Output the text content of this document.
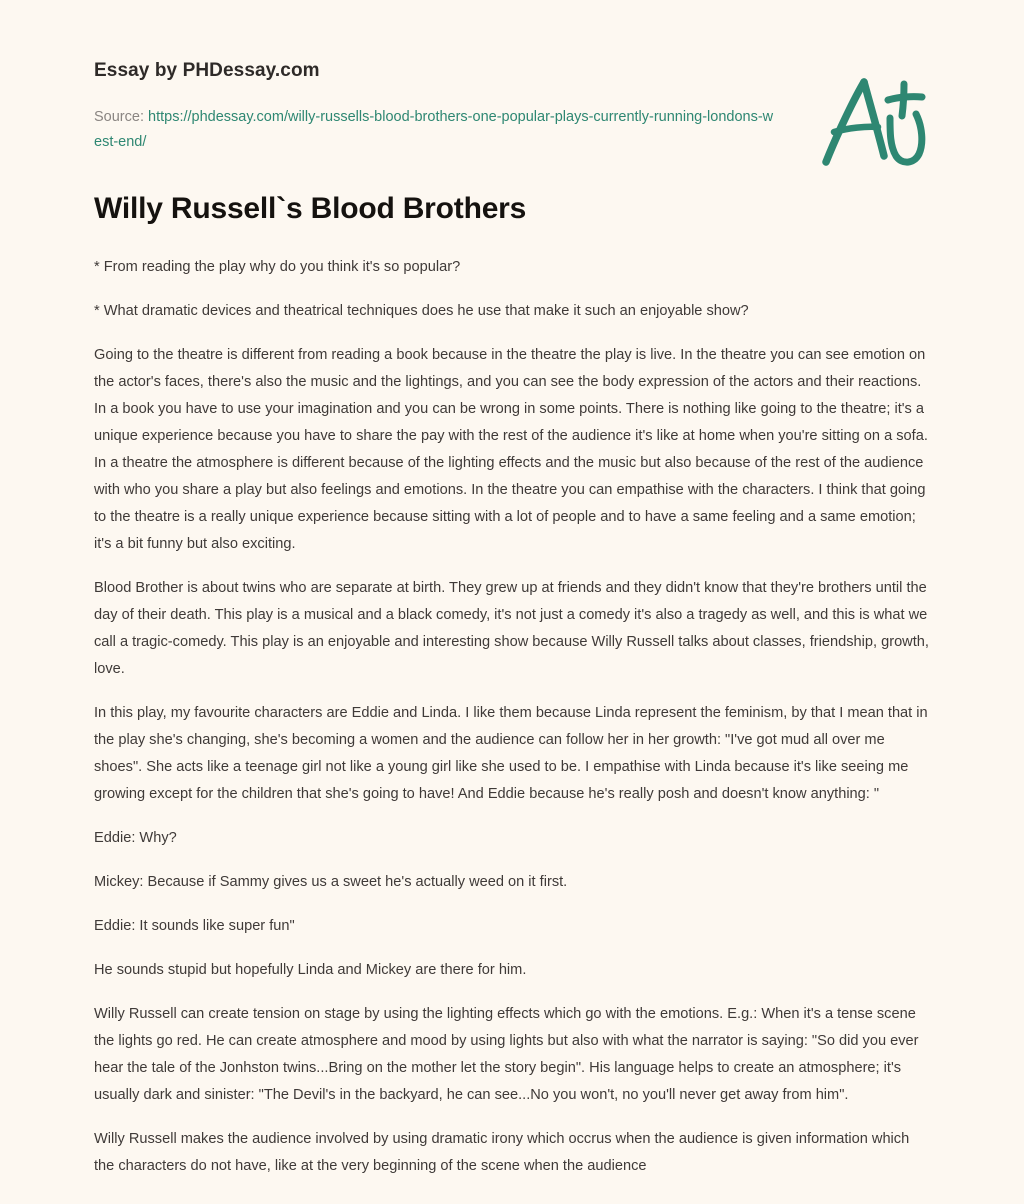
Essay by PHDessay.com
Source: https://phdessay.com/willy-russells-blood-brothers-one-popular-plays-currently-running-londons-west-end/
Willy Russell`s Blood Brothers

* From reading the play why do you think it's so popular?

* What dramatic devices and theatrical techniques does he use that make it such an enjoyable show?

Going to the theatre is different from reading a book because in the theatre the play is live. In the theatre you can see emotion on the actor's faces, there's also the music and the lightings, and you can see the body expression of the actors and their reactions. In a book you have to use your imagination and you can be wrong in some points. There is nothing like going to the theatre; it's a unique experience because you have to share the pay with the rest of the audience it's like at home when you're sitting on a sofa. In a theatre the atmosphere is different because of the lighting effects and the music but also because of the rest of the audience with who you share a play but also feelings and emotions. In the theatre you can empathise with the characters. I think that going to the theatre is a really unique experience because sitting with a lot of people and to have a same feeling and a same emotion; it's a bit funny but also exciting.

Blood Brother is about twins who are separate at birth. They grew up at friends and they didn't know that they're brothers until the day of their death. This play is a musical and a black comedy, it's not just a comedy it's also a tragedy as well, and this is what we call a tragic-comedy. This play is an enjoyable and interesting show because Willy Russell talks about classes, friendship, growth, love.

In this play, my favourite characters are Eddie and Linda. I like them because Linda represent the feminism, by that I mean that in the play she's changing, she's becoming a women and the audience can follow her in her growth: "I've got mud all over me shoes". She acts like a teenage girl not like a young girl like she used to be. I empathise with Linda because it's like seeing me growing except for the children that she's going to have! And Eddie because he's really posh and doesn't know anything: "

Eddie: Why?

Mickey: Because if Sammy gives us a sweet he's actually weed on it first.

Eddie: It sounds like super fun"

He sounds stupid but hopefully Linda and Mickey are there for him.

Willy Russell can create tension on stage by using the lighting effects which go with the emotions. E.g.: When it's a tense scene the lights go red. He can create atmosphere and mood by using lights but also with what the narrator is saying: "So did you ever hear the tale of the Jonhston twins...Bring on the mother let the story begin". His language helps to create an atmosphere; it's usually dark and sinister: "The Devil's in the backyard, he can see...No you won't, no you'll never get away from him".

Willy Russell makes the audience involved by using dramatic irony which occrus when the audience is given information which the characters do not have, like at the very beginning of the scene when the audience
